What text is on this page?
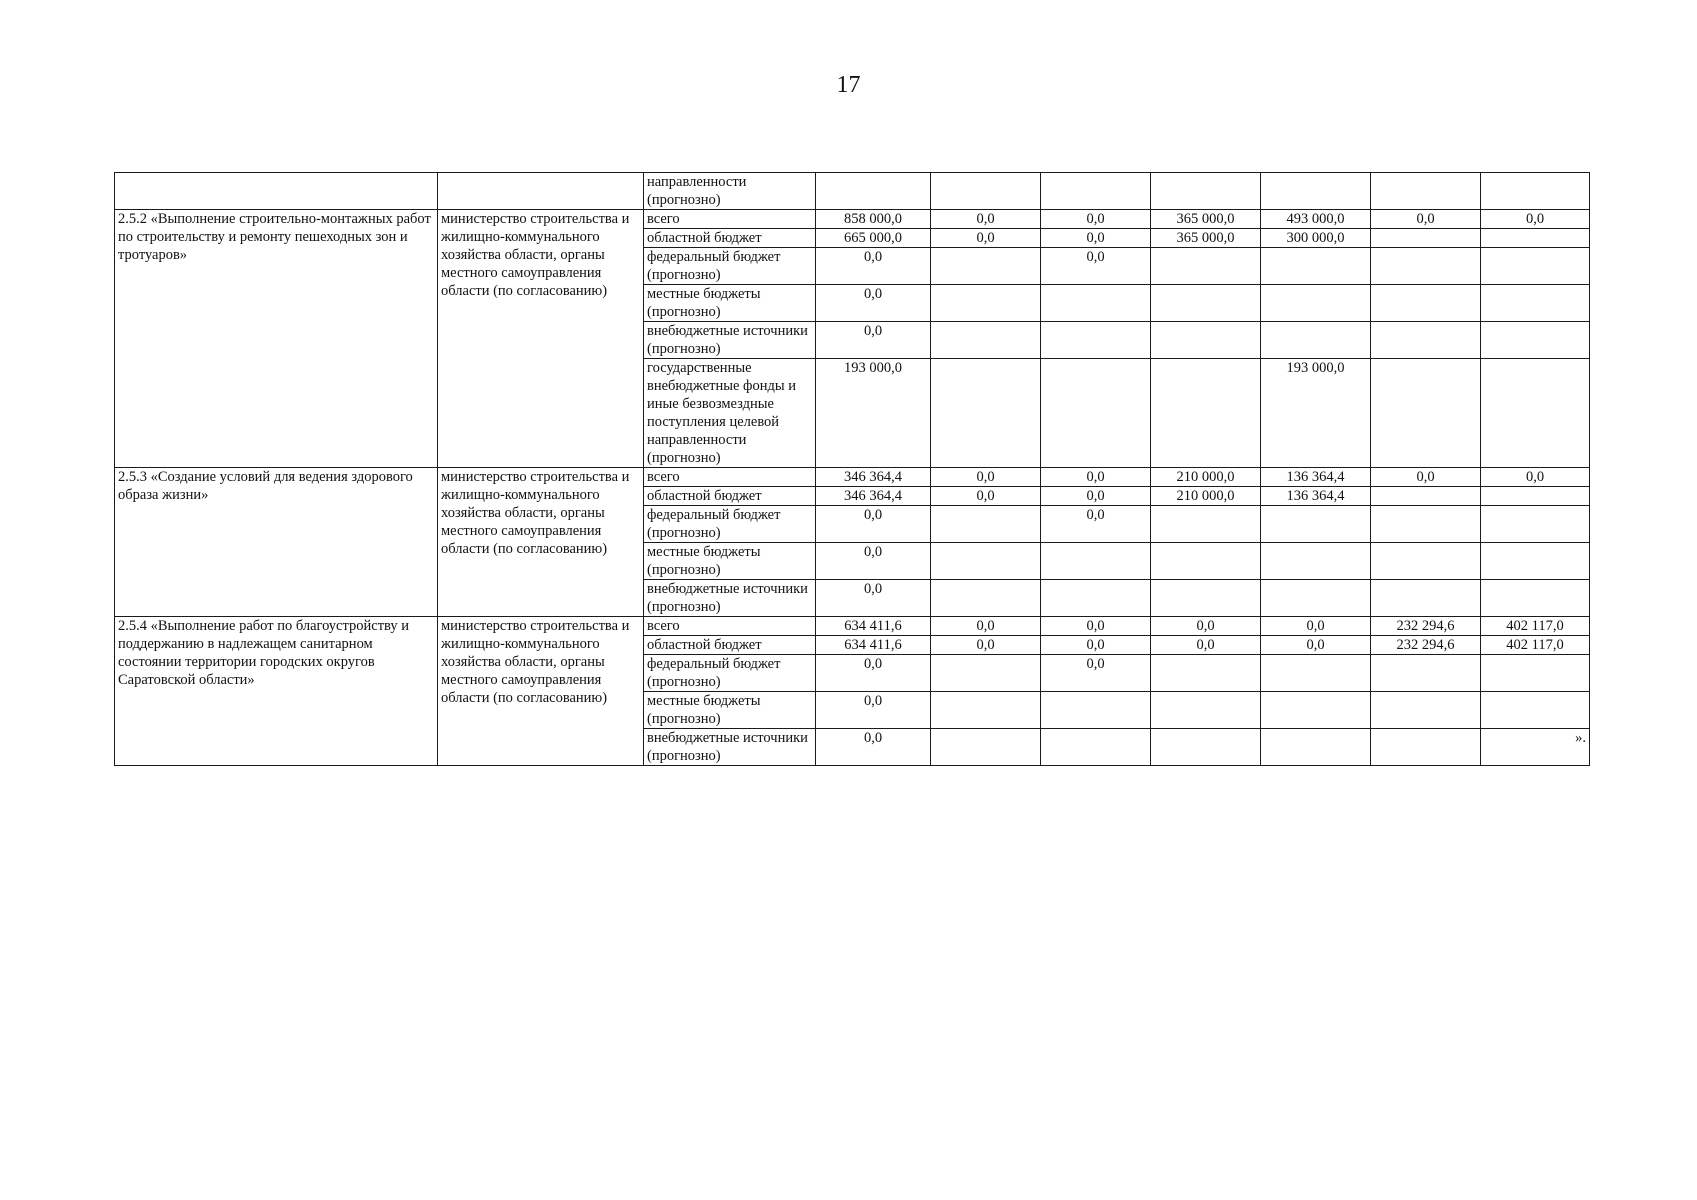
17
		направленности (прогнозно)							
2.5.2 «Выполнение строительно-монтажных работ по строительству и ремонту пешеходных зон и тротуаров»	министерство строительства и жилищно-коммунального хозяйства области, органы местного самоуправления области (по согласованию)	всего	858 000,0	0,0	0,0	365 000,0	493 000,0	0,0	0,0
		областной бюджет	665 000,0	0,0	0,0	365 000,0	300 000,0		
		федеральный бюджет (прогнозно)	0,0		0,0				
		местные бюджеты (прогнозно)	0,0						
		внебюджетные источники (прогнозно)	0,0						
		государственные внебюджетные фонды и иные безвозмездные поступления целевой направленности (прогнозно)	193 000,0				193 000,0		
2.5.3 «Создание условий для ведения здорового образа жизни»	министерство строительства и жилищно-коммунального хозяйства области, органы местного самоуправления области (по согласованию)	всего	346 364,4	0,0	0,0	210 000,0	136 364,4	0,0	0,0
		областной бюджет	346 364,4	0,0	0,0	210 000,0	136 364,4		
		федеральный бюджет (прогнозно)	0,0		0,0				
		местные бюджеты (прогнозно)	0,0						
		внебюджетные источники (прогнозно)	0,0						
2.5.4 «Выполнение работ по благоустройству и поддержанию в надлежащем санитарном состоянии территории городских округов Саратовской области»	министерство строительства и жилищно-коммунального хозяйства области, органы местного самоуправления области (по согласованию)	всего	634 411,6	0,0	0,0	0,0	0,0	232 294,6	402 117,0
		областной бюджет	634 411,6	0,0	0,0	0,0	0,0	232 294,6	402 117,0
		федеральный бюджет (прогнозно)	0,0		0,0				
		местные бюджеты (прогнозно)	0,0						
		внебюджетные источники (прогнозно)	0,0						».
